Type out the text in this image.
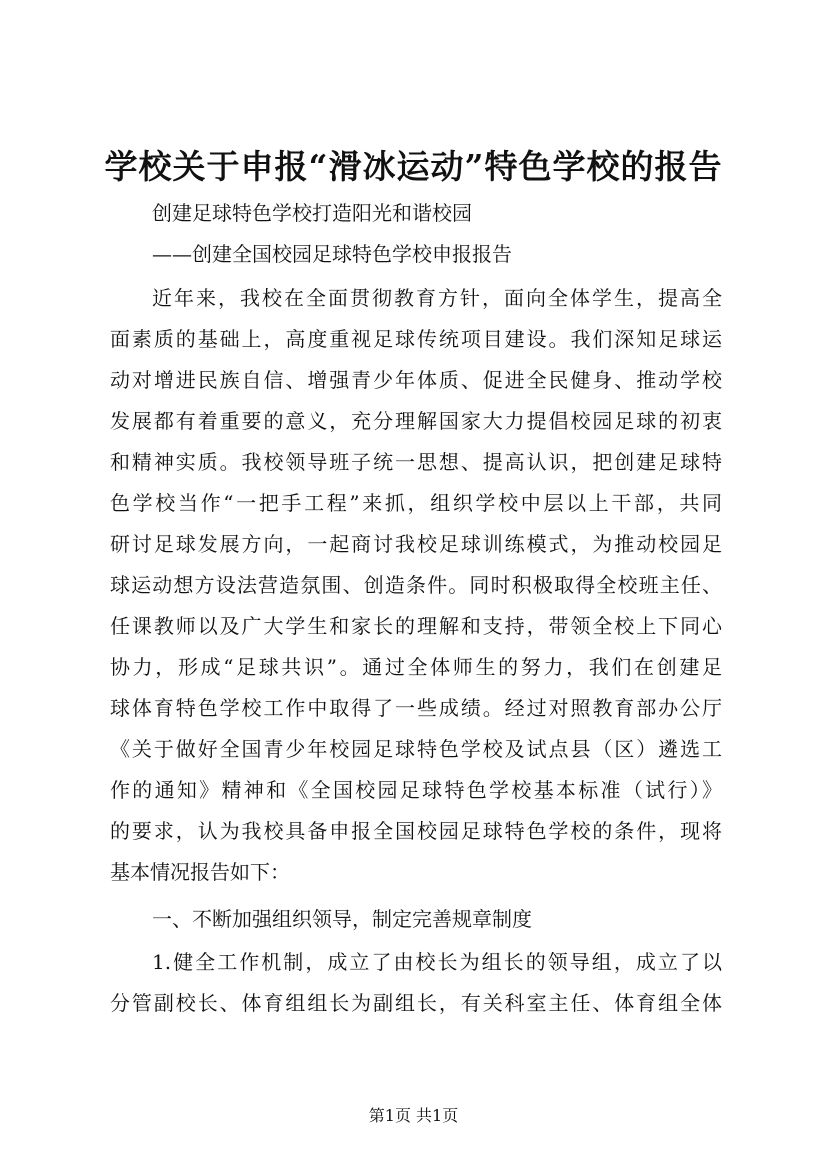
学校关于申报“滑冰运动”特色学校的报告

创建足球特色学校打造阳光和谐校园

——创建全国校园足球特色学校申报报告

近年来，我校在全面贯彻教育方针，面向全体学生，提高全

面素质的基础上，高度重视足球传统项目建设。我们深知足球运

动对增进民族自信、增强青少年体质、促进全民健身、推动学校

发展都有着重要的意义，充分理解国家大力提倡校园足球的初衷

和精神实质。我校领导班子统一思想、提高认识，把创建足球特

色学校当作“一把手工程”来抓，组织学校中层以上干部，共同

研讨足球发展方向，一起商讨我校足球训练模式，为推动校园足

球运动想方设法营造氛围、创造条件。同时积极取得全校班主任、

任课教师以及广大学生和家长的理解和支持，带领全校上下同心

协力，形成“足球共识”。通过全体师生的努力，我们在创建足

球体育特色学校工作中取得了一些成绩。经过对照教育部办公厅

《关于做好全国青少年校园足球特色学校及试点县（区）遴选工

作的通知》精神和《全国校园足球特色学校基本标准（试行）》

的要求，认为我校具备申报全国校园足球特色学校的条件，现将

基本情况报告如下：

一、不断加强组织领导，制定完善规章制度

1.健全工作机制，成立了由校长为组长的领导组，成立了以

分管副校长、体育组组长为副组长，有关科室主任、体育组全体

第1页 共1页
